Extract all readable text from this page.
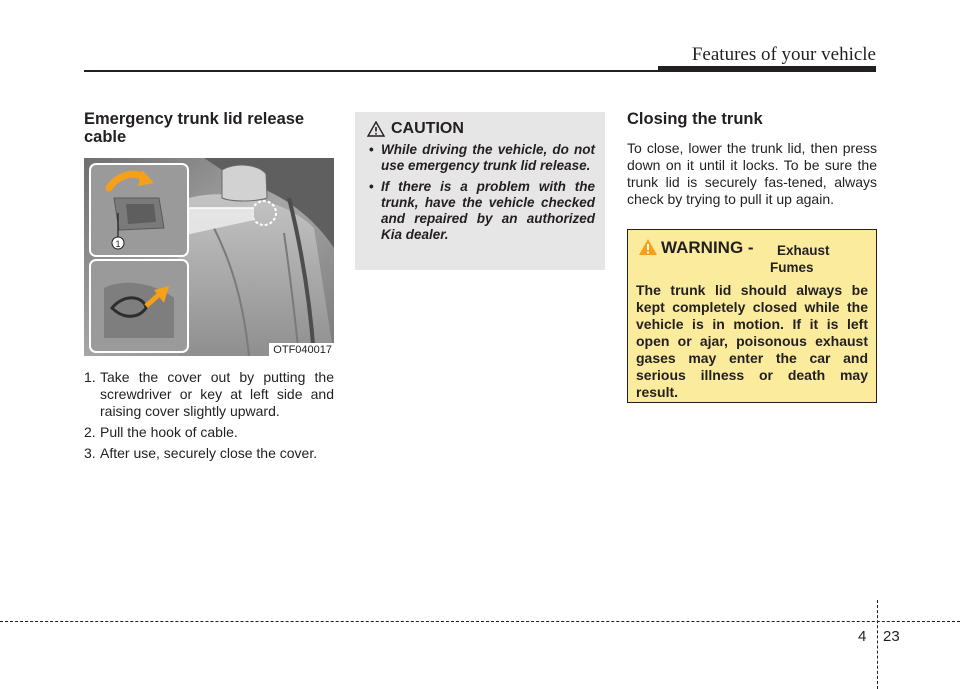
Features of your vehicle
Emergency trunk lid release cable
1
OTF040017
1. Take the cover out by putting the screwdriver or key at left side and raising cover slightly upward.
2. Pull the hook of cable.
3. After use, securely close the cover.
CAUTION
• While driving the vehicle, do not use emergency trunk lid release.
• If there is a problem with the trunk, have the vehicle checked and repaired by an authorized Kia dealer.
Closing the trunk

To close, lower the trunk lid, then press down on it until it locks. To be sure the trunk lid is securely fas-tened, always check by trying to pull it up again.

WARNING - Exhaust
Fumes
The trunk lid should always be kept completely closed while the vehicle is in motion. If it is left open or ajar, poisonous exhaust gases may enter the car and serious illness or death may result.
4 23
